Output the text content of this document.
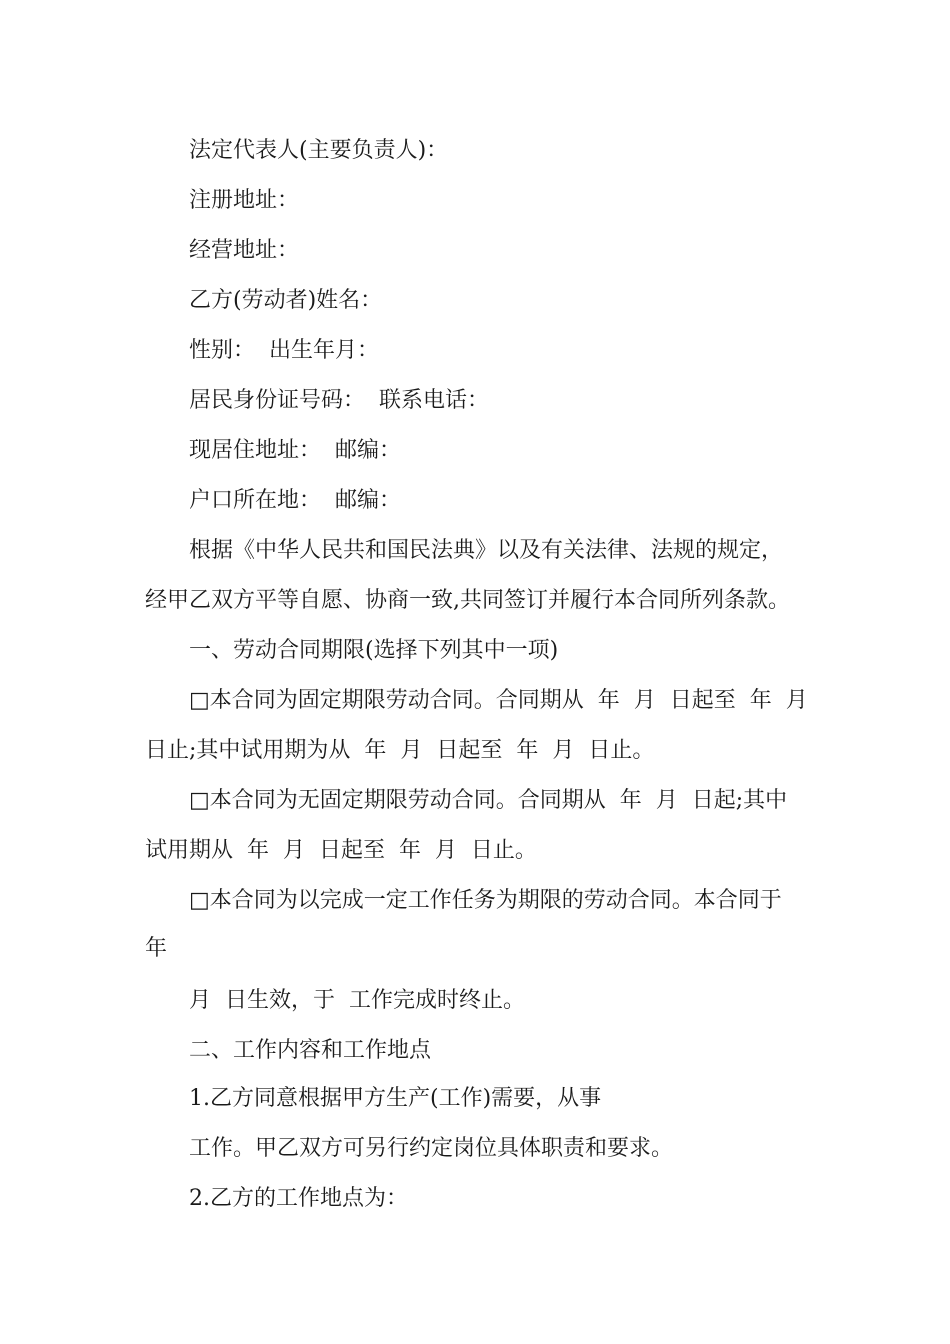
法定代表人(主要负责人)：
注册地址：
经营地址：
乙方(劳动者)姓名：
性别：  出生年月：
居民身份证号码：  联系电话：
现居住地址：  邮编：
户口所在地：  邮编：
根据《中华人民共和国民法典》以及有关法律、法规的规定，
经甲乙双方平等自愿、协商一致,共同签订并履行本合同所列条款。
一、劳动合同期限(选择下列其中一项)
□本合同为固定期限劳动合同。合同期从  年  月  日起至  年  月
日止;其中试用期为从  年  月  日起至  年  月  日止。
□本合同为无固定期限劳动合同。合同期从  年  月  日起;其中
试用期从  年  月  日起至  年  月  日止。
□本合同为以完成一定工作任务为期限的劳动合同。本合同于
年
月  日生效，于  工作完成时终止。
二、工作内容和工作地点
1.乙方同意根据甲方生产(工作)需要，从事
工作。甲乙双方可另行约定岗位具体职责和要求。
2.乙方的工作地点为：
